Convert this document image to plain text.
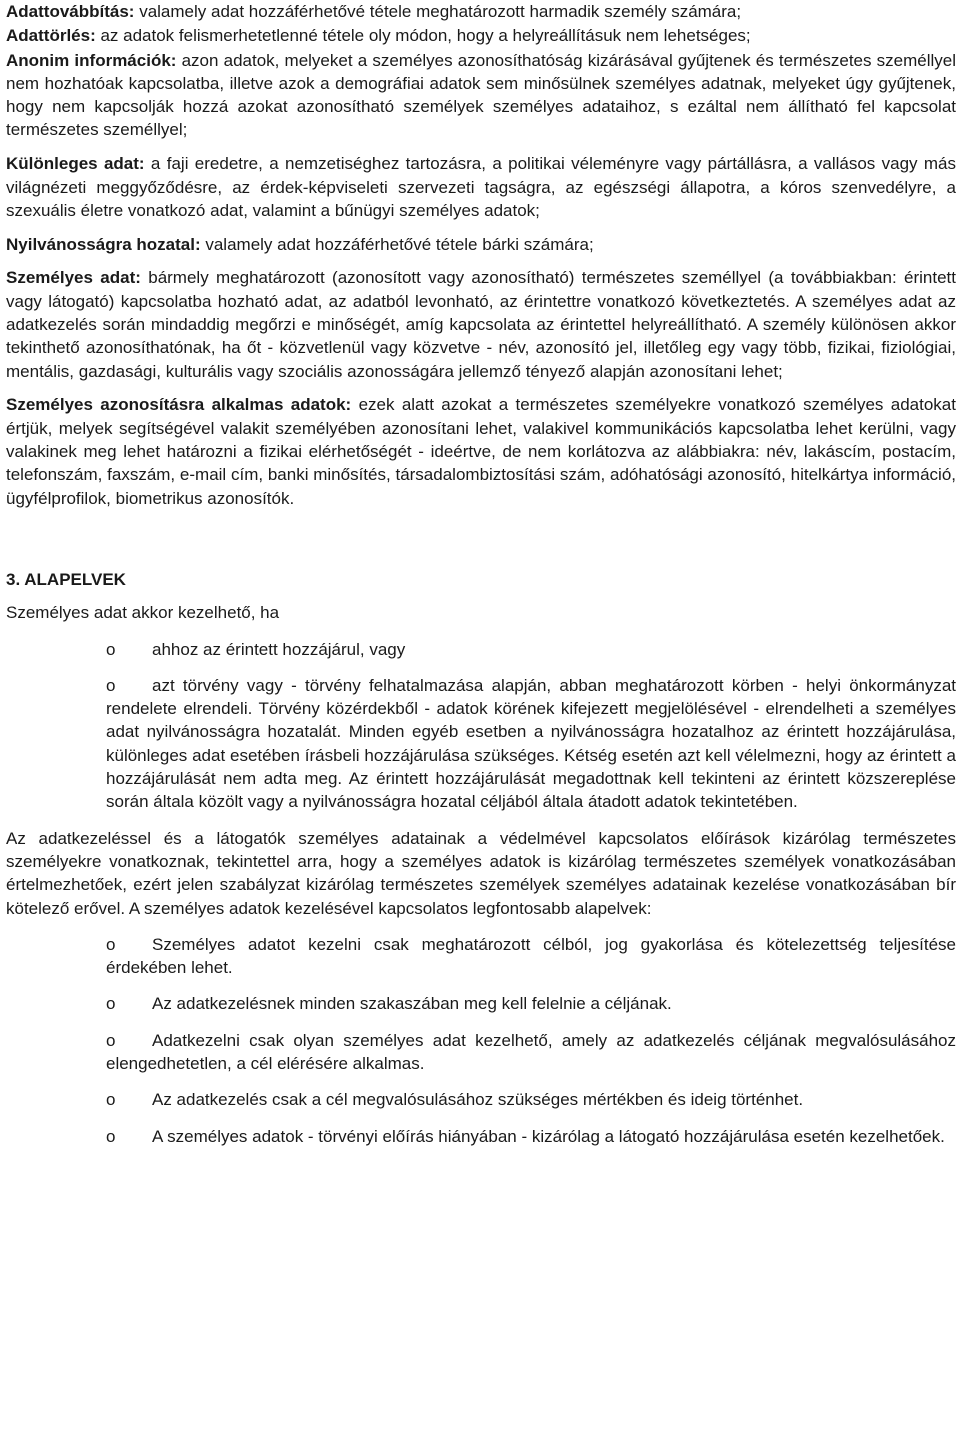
Adattovábbítás: valamely adat hozzáférhetővé tétele meghatározott harmadik személy számára;

Adattörlés: az adatok felismerhetetlenné tétele oly módon, hogy a helyreállításuk nem lehetséges;

Anonim információk: azon adatok, melyeket a személyes azonosíthatóság kizárásával gyűjtenek és természetes személlyel nem hozhatóak kapcsolatba, illetve azok a demográfiai adatok sem minősülnek személyes adatnak, melyeket úgy gyűjtenek, hogy nem kapcsolják hozzá azokat azonosítható személyek személyes adataihoz, s ezáltal nem állítható fel kapcsolat természetes személlyel;

Különleges adat: a faji eredetre, a nemzetiséghez tartozásra, a politikai véleményre vagy pártállásra, a vallásos vagy más világnézeti meggyőződésre, az érdek-képviseleti szervezeti tagságra, az egészségi állapotra, a kóros szenvedélyre, a szexuális életre vonatkozó adat, valamint a bűnügyi személyes adatok;

Nyilvánosságra hozatal: valamely adat hozzáférhetővé tétele bárki számára;

Személyes adat: bármely meghatározott (azonosított vagy azonosítható) természetes személlyel (a továbbiakban: érintett vagy látogató) kapcsolatba hozható adat, az adatból levonható, az érintettre vonatkozó következtetés. A személyes adat az adatkezelés során mindaddig megőrzi e minőségét, amíg kapcsolata az érintettel helyreállítható. A személy különösen akkor tekinthető azonosíthatónak, ha őt - közvetlenül vagy közvetve - név, azonosító jel, illetőleg egy vagy több, fizikai, fiziológiai, mentális, gazdasági, kulturális vagy szociális azonosságára jellemző tényező alapján azonosítani lehet;

Személyes azonosításra alkalmas adatok: ezek alatt azokat a természetes személyekre vonatkozó személyes adatokat értjük, melyek segítségével valakit személyében azonosítani lehet, valakivel kommunikációs kapcsolatba lehet kerülni, vagy valakinek meg lehet határozni a fizikai elérhetőségét - ideértve, de nem korlátozva az alábbiakra: név, lakáscím, postacím, telefonszám, faxszám, e-mail cím, banki minősítés, társadalombiztosítási szám, adóhatósági azonosító, hitelkártya információ, ügyfélprofilok, biometrikus azonosítók.

3. ALAPELVEK

Személyes adat akkor kezelhető, ha

o ahhoz az érintett hozzájárul, vagy
o azt törvény vagy - törvény felhatalmazása alapján, abban meghatározott körben - helyi önkormányzat rendelete elrendeli. Törvény közérdekből - adatok körének kifejezett megjelölésével - elrendelheti a személyes adat nyilvánosságra hozatalát. Minden egyéb esetben a nyilvánosságra hozatalhoz az érintett hozzájárulása, különleges adat esetében írásbeli hozzájárulása szükséges. Kétség esetén azt kell vélelmezni, hogy az érintett a hozzájárulását nem adta meg. Az érintett hozzájárulását megadottnak kell tekinteni az érintett közszereplése során általa közölt vagy a nyilvánosságra hozatal céljából általa átadott adatok tekintetében.

Az adatkezeléssel és a látogatók személyes adatainak a védelmével kapcsolatos előírások kizárólag természetes személyekre vonatkoznak, tekintettel arra, hogy a személyes adatok is kizárólag természetes személyek vonatkozásában értelmezhetőek, ezért jelen szabályzat kizárólag természetes személyek személyes adatainak kezelése vonatkozásában bír kötelező erővel. A személyes adatok kezelésével kapcsolatos legfontosabb alapelvek:

o Személyes adatot kezelni csak meghatározott célból, jog gyakorlása és kötelezettség teljesítése érdekében lehet.
o Az adatkezelésnek minden szakaszában meg kell felelnie a céljának.
o Adatkezelni csak olyan személyes adat kezelhető, amely az adatkezelés céljának megvalósulásához elengedhetetlen, a cél elérésére alkalmas.
o Az adatkezelés csak a cél megvalósulásához szükséges mértékben és ideig történhet.
o A személyes adatok - törvényi előírás hiányában - kizárólag a látogató hozzájárulása esetén kezelhetőek.
